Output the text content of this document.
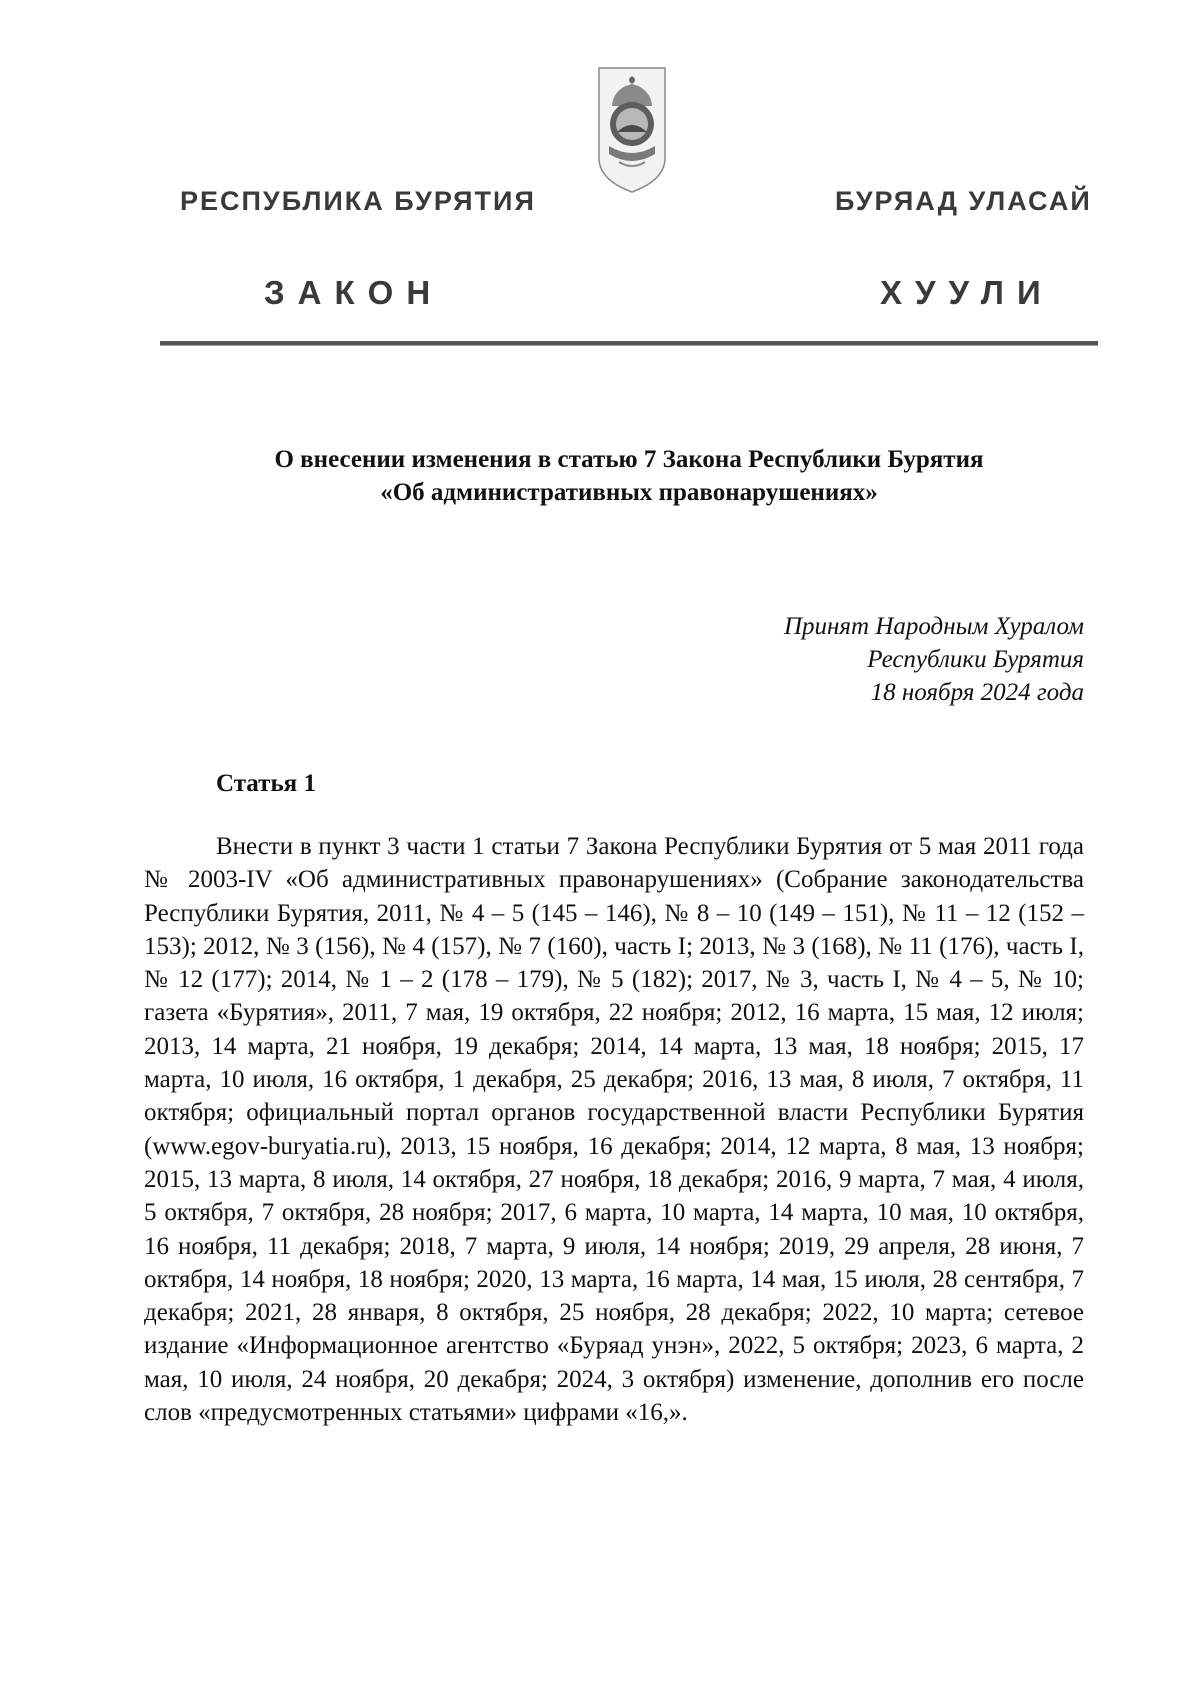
РЕСПУБЛИКА БУРЯТИЯ	БУРЯАД УЛАСАЙ
ЗАКОН	ХУУЛИ
О внесении изменения в статью 7 Закона Республики Бурятия
«Об административных правонарушениях»
Принят Народным Хуралом
Республики Бурятия
18 ноября 2024 года
Статья 1
Внести в пункт 3 части 1 статьи 7 Закона Республики Бурятия от 5 мая 2011 года № 2003-IV «Об административных правонарушениях» (Собрание законодательства Республики Бурятия, 2011, № 4 – 5 (145 – 146), № 8 – 10 (149 – 151), № 11 – 12 (152 – 153); 2012, № 3 (156), № 4 (157), № 7 (160), часть I; 2013, № 3 (168), № 11 (176), часть I, № 12 (177); 2014, № 1 – 2 (178 – 179), № 5 (182); 2017, № 3, часть I, № 4 – 5, № 10; газета «Бурятия», 2011, 7 мая, 19 октября, 22 ноября; 2012, 16 марта, 15 мая, 12 июля; 2013, 14 марта, 21 ноября, 19 декабря; 2014, 14 марта, 13 мая, 18 ноября; 2015, 17 марта, 10 июля, 16 октября, 1 декабря, 25 декабря; 2016, 13 мая, 8 июля, 7 октября, 11 октября; официальный портал органов государственной власти Республики Бурятия (www.egov-buryatia.ru), 2013, 15 ноября, 16 декабря; 2014, 12 марта, 8 мая, 13 ноября; 2015, 13 марта, 8 июля, 14 октября, 27 ноября, 18 декабря; 2016, 9 марта, 7 мая, 4 июля, 5 октября, 7 октября, 28 ноября; 2017, 6 марта, 10 марта, 14 марта, 10 мая, 10 октября, 16 ноября, 11 декабря; 2018, 7 марта, 9 июля, 14 ноября; 2019, 29 апреля, 28 июня, 7 октября, 14 ноября, 18 ноября; 2020, 13 марта, 16 марта, 14 мая, 15 июля, 28 сентября, 7 декабря; 2021, 28 января, 8 октября, 25 ноября, 28 декабря; 2022, 10 марта; сетевое издание «Информационное агентство «Буряад унэн», 2022, 5 октября; 2023, 6 марта, 2 мая, 10 июля, 24 ноября, 20 декабря; 2024, 3 октября) изменение, дополнив его после слов «предусмотренных статьями» цифрами «16,».
